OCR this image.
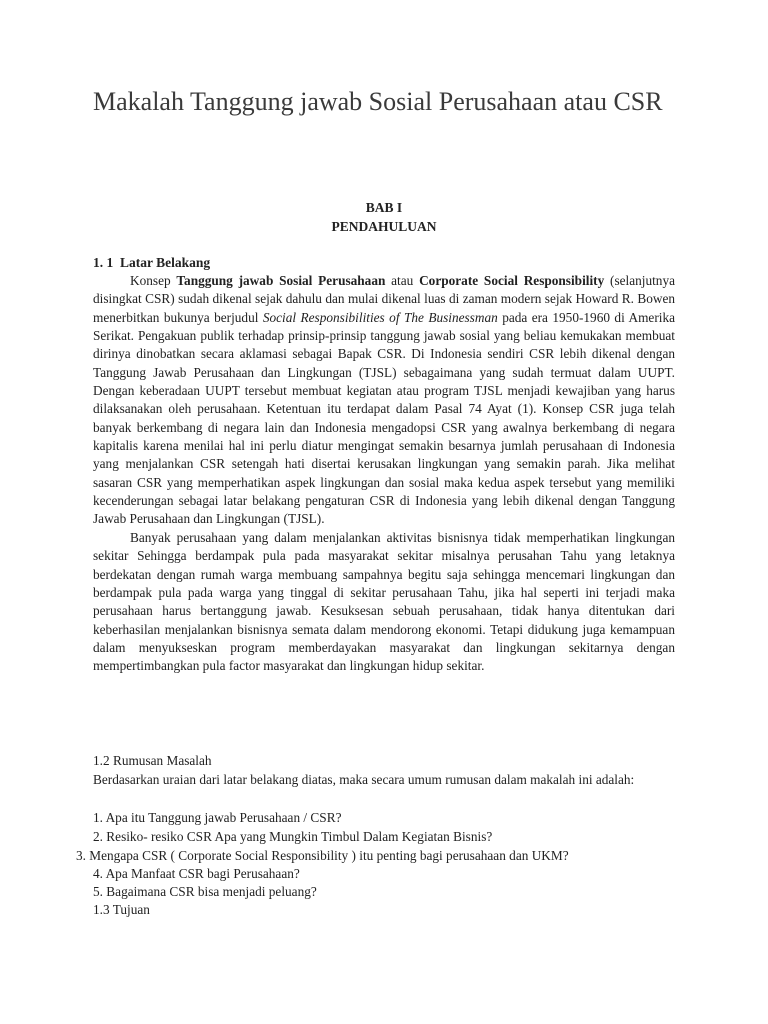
Makalah Tanggung jawab Sosial Perusahaan atau CSR
BAB I
PENDAHULUAN
1. 1 Latar Belakang

Konsep Tanggung jawab Sosial Perusahaan atau Corporate Social Responsibility (selanjutnya disingkat CSR) sudah dikenal sejak dahulu dan mulai dikenal luas di zaman modern sejak Howard R. Bowen menerbitkan bukunya berjudul Social Responsibilities of The Businessman pada era 1950-1960 di Amerika Serikat. Pengakuan publik terhadap prinsip-prinsip tanggung jawab sosial yang beliau kemukakan membuat dirinya dinobatkan secara aklamasi sebagai Bapak CSR. Di Indonesia sendiri CSR lebih dikenal dengan Tanggung Jawab Perusahaan dan Lingkungan (TJSL) sebagaimana yang sudah termuat dalam UUPT. Dengan keberadaan UUPT tersebut membuat kegiatan atau program TJSL menjadi kewajiban yang harus dilaksanakan oleh perusahaan. Ketentuan itu terdapat dalam Pasal 74 Ayat (1). Konsep CSR juga telah banyak berkembang di negara lain dan Indonesia mengadopsi CSR yang awalnya berkembang di negara kapitalis karena menilai hal ini perlu diatur mengingat semakin besarnya jumlah perusahaan di Indonesia yang menjalankan CSR setengah hati disertai kerusakan lingkungan yang semakin parah. Jika melihat sasaran CSR yang memperhatikan aspek lingkungan dan sosial maka kedua aspek tersebut yang memiliki kecenderungan sebagai latar belakang pengaturan CSR di Indonesia yang lebih dikenal dengan Tanggung Jawab Perusahaan dan Lingkungan (TJSL).

Banyak perusahaan yang dalam menjalankan aktivitas bisnisnya tidak memperhatikan lingkungan sekitar Sehingga berdampak pula pada masyarakat sekitar misalnya perusahan Tahu yang letaknya berdekatan dengan rumah warga membuang sampahnya begitu saja sehingga mencemari lingkungan dan berdampak pula pada warga yang tinggal di sekitar perusahaan Tahu, jika hal seperti ini terjadi maka perusahaan harus bertanggung jawab. Kesuksesan sebuah perusahaan, tidak hanya ditentukan dari keberhasilan menjalankan bisnisnya semata dalam mendorong ekonomi. Tetapi didukung juga kemampuan dalam menyukseskan program memberdayakan masyarakat dan lingkungan sekitarnya dengan mempertimbangkan pula factor masyarakat dan lingkungan hidup sekitar.

1.2 Rumusan Masalah
Berdasarkan uraian dari latar belakang diatas, maka secara umum rumusan dalam makalah ini adalah:
1. Apa itu Tanggung jawab Perusahaan / CSR?
2. Resiko- resiko CSR Apa yang Mungkin Timbul Dalam Kegiatan Bisnis?
3. Mengapa CSR ( Corporate Social Responsibility ) itu penting bagi perusahaan dan UKM?
4. Apa Manfaat CSR bagi Perusahaan?
5. Bagaimana CSR bisa menjadi peluang?
1.3 Tujuan
